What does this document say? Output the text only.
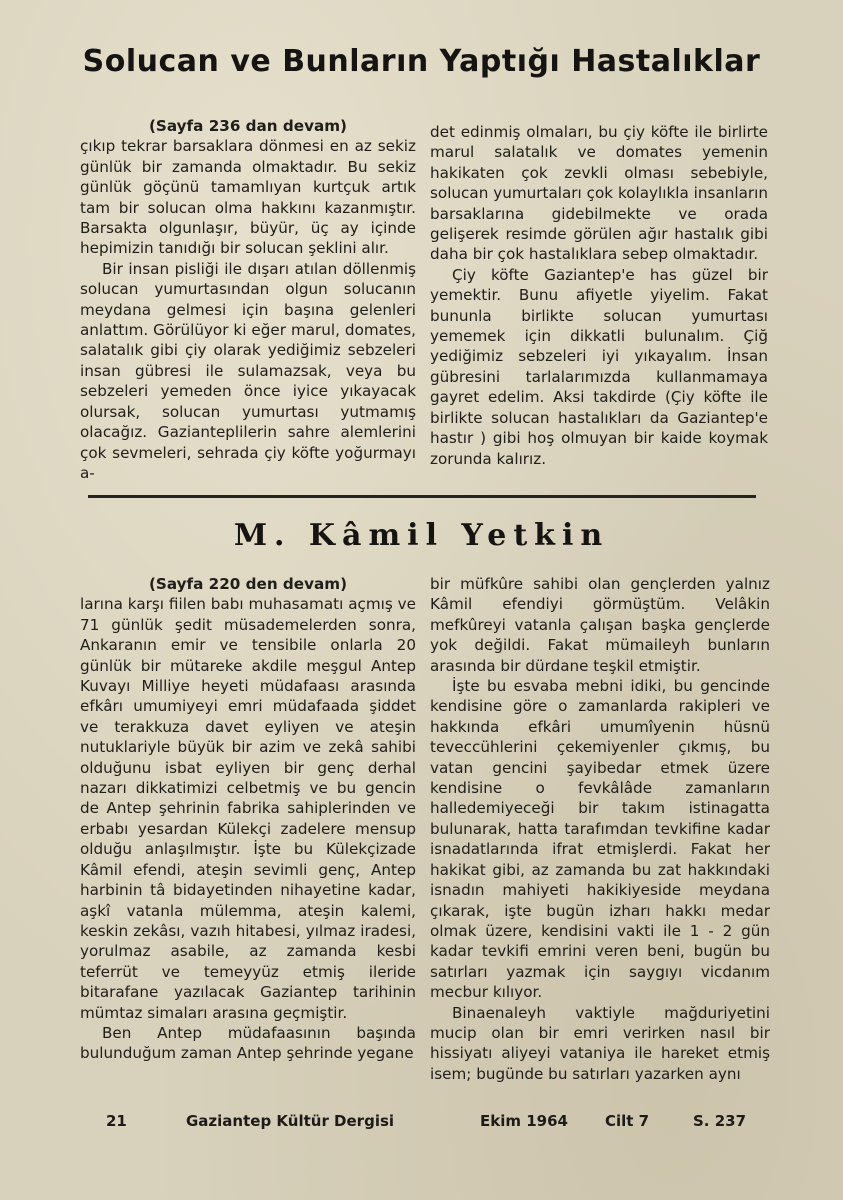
Solucan ve Bunların Yaptığı Hastalıklar

(Sayfa 236 dan devam)

çıkıp tekrar barsaklara dönmesi en az sekiz günlük bir zamanda olmaktadır. Bu sekiz günlük göçünü tamamlıyan kurtçuk artık tam bir solucan olma hakkını kazanmıştır. Barsakta olgunlaşır, büyür, üç ay içinde hepimizin tanıdığı bir solucan şeklini alır.

Bir insan pisliği ile dışarı atılan döllenmiş solucan yumurtasından olgun solucanın meydana gelmesi için başına gelenleri anlattım. Görülüyor ki eğer marul, domates, salatalık gibi çiy olarak yediğimiz sebzeleri insan gübresi ile sulamazsak, veya bu sebzeleri yemeden önce iyice yıkayacak olursak, solucan yumurtası yutmamış olacağız. Gazianteplilerin sahre alemlerini çok sevmeleri, sehrada çiy köfte yoğurmayı a-

det edinmiş olmaları, bu çiy köfte ile birlirte marul salatalık ve domates yemenin hakikaten çok zevkli olması sebebiyle, solucan yumurtaları çok kolaylıkla insanların barsaklarına gidebilmekte ve orada gelişerek resimde görülen ağır hastalık gibi daha bir çok hastalıklara sebep olmaktadır.

Çiy köfte Gaziantep'e has güzel bir yemektir. Bunu afiyetle yiyelim. Fakat bununla birlikte solucan yumurtası yememek için dikkatli bulunalım. Çiğ yediğimiz sebzeleri iyi yıkayalım. İnsan gübresini tarlalarımızda kullanmamaya gayret edelim. Aksi takdirde (Çiy köfte ile birlikte solucan hastalıkları da Gaziantep'e hastır ) gibi hoş olmuyan bir kaide koymak zorunda kalırız.

M. Kâmil Yetkin

(Sayfa 220 den devam)

larına karşı fiilen babı muhasamatı açmış ve 71 günlük şedit müsademelerden sonra, Ankaranın emir ve tensibile onlarla 20 günlük bir mütareke akdile meşgul Antep Kuvayı Milliye heyeti müdafaası arasında efkârı umumiyeyi emri müdafaada şiddet ve terakkuza davet eyliyen ve ateşin nutuklariyle büyük bir azim ve zekâ sahibi olduğunu isbat eyliyen bir genç derhal nazarı dikkatimizi celbetmiş ve bu gencin de Antep şehrinin fabrika sahiplerinden ve erbabı yesardan Külekçi zadelere mensup olduğu anlaşılmıştır. İşte bu Külekçizade Kâmil efendi, ateşin sevimli genç, Antep harbinin tâ bidayetinden nihayetine kadar, aşkî vatanla mülemma, ateşin kalemi, keskin zekâsı, vazıh hitabesi, yılmaz iradesi, yorulmaz asabile, az zamanda kesbi teferrüt ve temeyyüz etmiş ileride bitarafane yazılacak Gaziantep tarihinin mümtaz simaları arasına geçmiştir.

Ben Antep müdafaasının başında bulunduğum zaman Antep şehrinde yegane

bir müfkûre sahibi olan gençlerden yalnız Kâmil efendiyi görmüştüm. Velâkin mefkûreyi vatanla çalışan başka gençlerde yok değildi. Fakat mümaileyh bunların arasında bir dürdane teşkil etmiştir.

İşte bu esvaba mebni idiki, bu gencinde kendisine göre o zamanlarda rakipleri ve hakkında efkâri umumîyenin hüsnü teveccühlerini çekemiyenler çıkmış, bu vatan gencini şayibedar etmek üzere kendisine o fevkâlâde zamanların halledemiyeceği bir takım istinagatta bulunarak, hatta tarafımdan tevkifine kadar isnadatlarında ifrat etmişlerdi. Fakat her hakikat gibi, az zamanda bu zat hakkındaki isnadın mahiyeti hakikiyeside meydana çıkarak, işte bugün izharı hakkı medar olmak üzere, kendisini vakti ile 1 - 2 gün kadar tevkifi emrini veren beni, bugün bu satırları yazmak için saygıyı vicdanım mecbur kılıyor.

Binaenaleyh vaktiyle mağduriyetini mucip olan bir emri verirken nasıl bir hissiyatı aliyeyi vataniya ile hareket etmiş isem; bugünde bu satırları yazarken aynı

21	Gaziantep Kültür Dergisi	Ekim 1964 Cilt 7	S. 237
